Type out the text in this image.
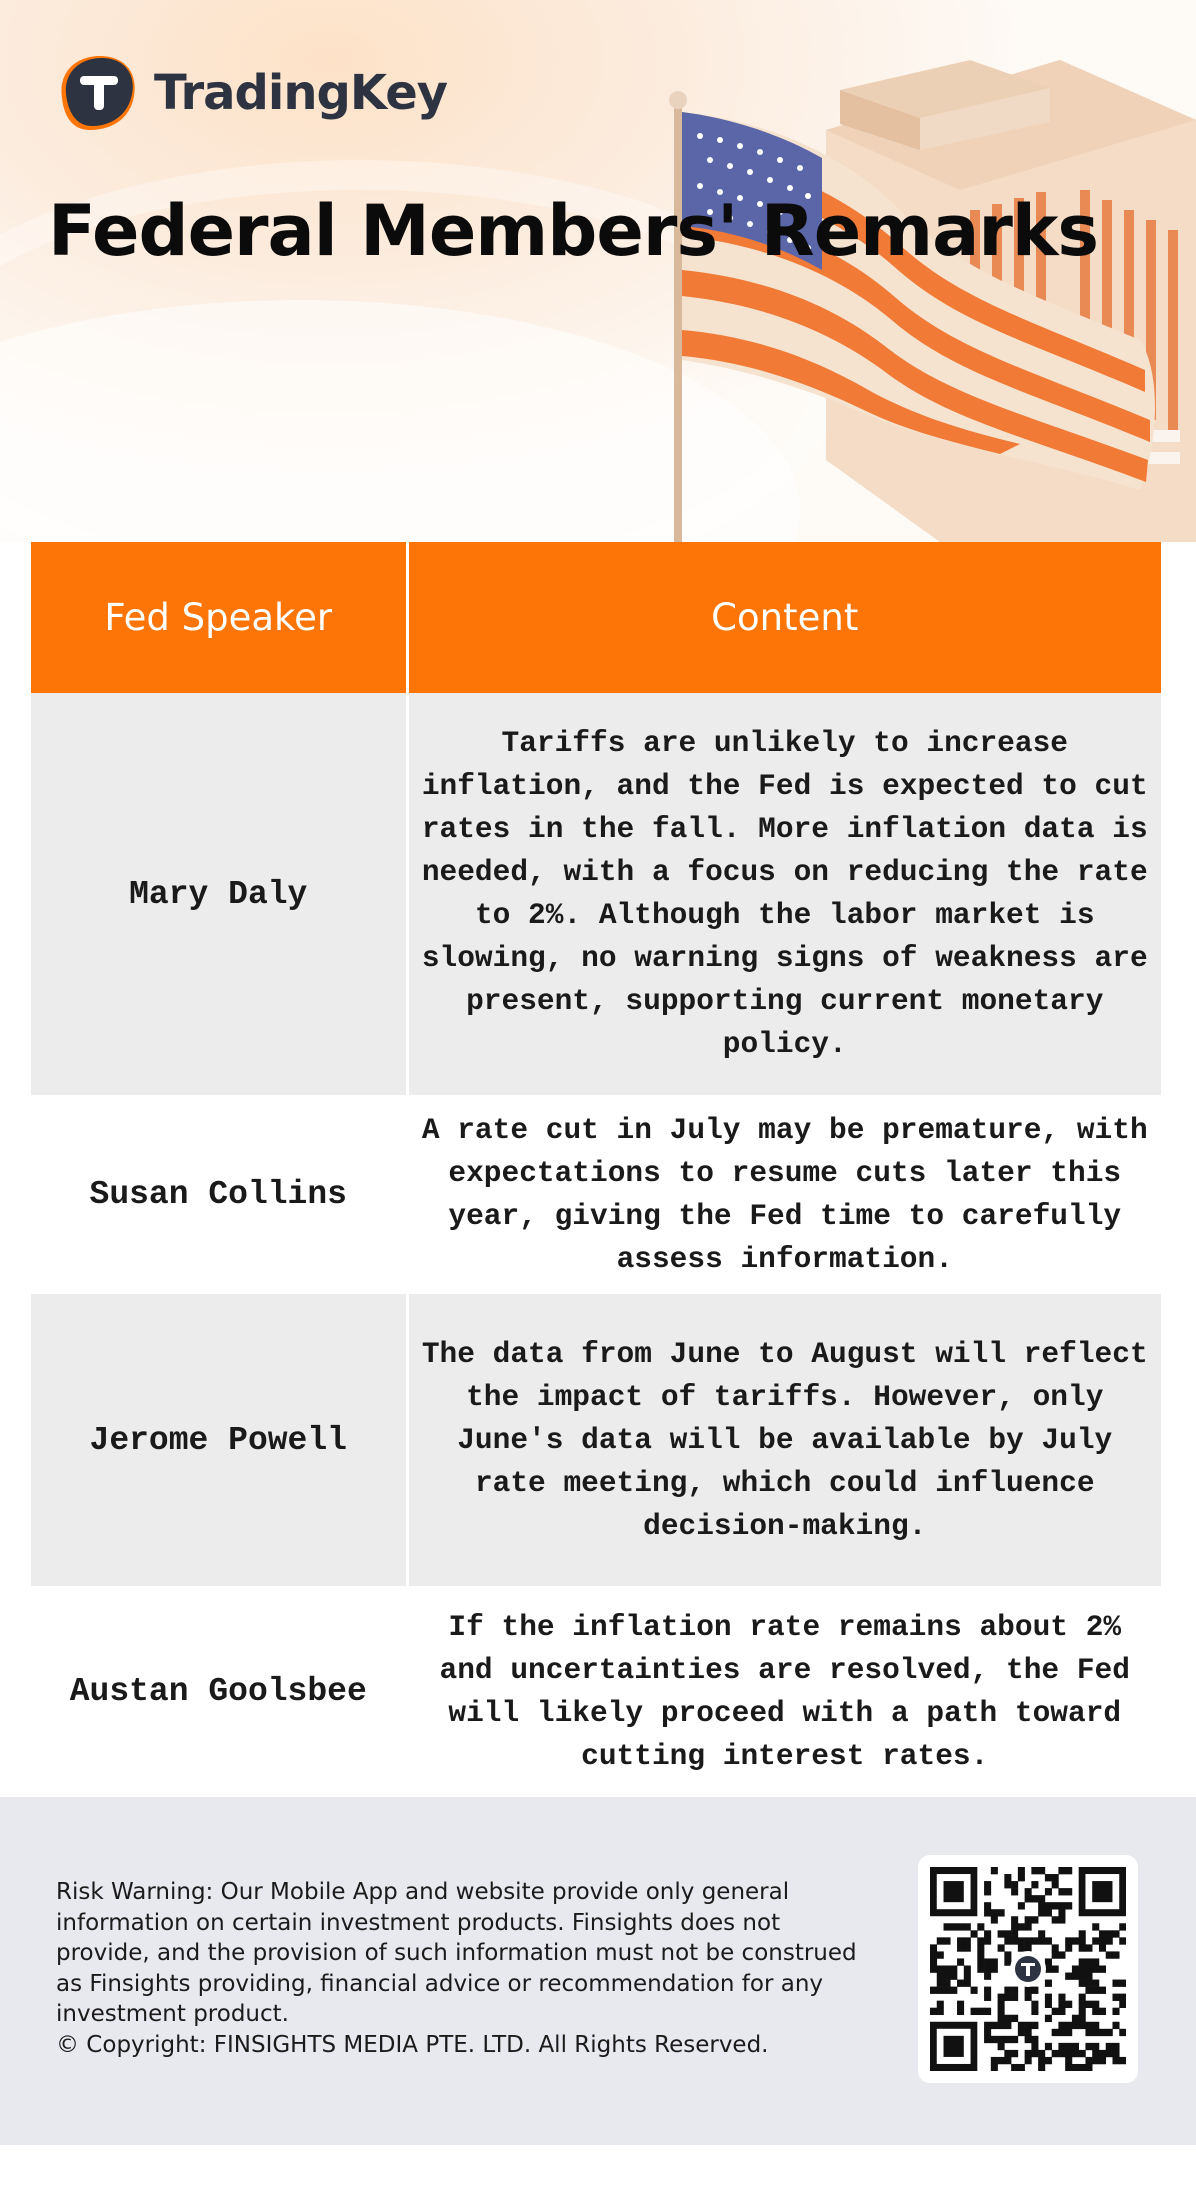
TradingKey
Federal Members' Remarks
Fed Speaker	Content
Mary Daly	Tariffs are unlikely to increase inflation, and the Fed is expected to cut rates in the fall. More inflation data is needed, with a focus on reducing the rate to 2%. Although the labor market is slowing, no warning signs of weakness are present, supporting current monetary policy.
Susan Collins	A rate cut in July may be premature, with expectations to resume cuts later this year, giving the Fed time to carefully assess information.
Jerome Powell	The data from June to August will reflect the impact of tariffs. However, only June's data will be available by July rate meeting, which could influence decision-making.
Austan Goolsbee	If the inflation rate remains about 2% and uncertainties are resolved, the Fed will likely proceed with a path toward cutting interest rates.

Risk Warning: Our Mobile App and website provide only general information on certain investment products. Finsights does not provide, and the provision of such information must not be construed as Finsights providing, financial advice or recommendation for any investment product.

© Copyright: FINSIGHTS MEDIA PTE. LTD. All Rights Reserved.
